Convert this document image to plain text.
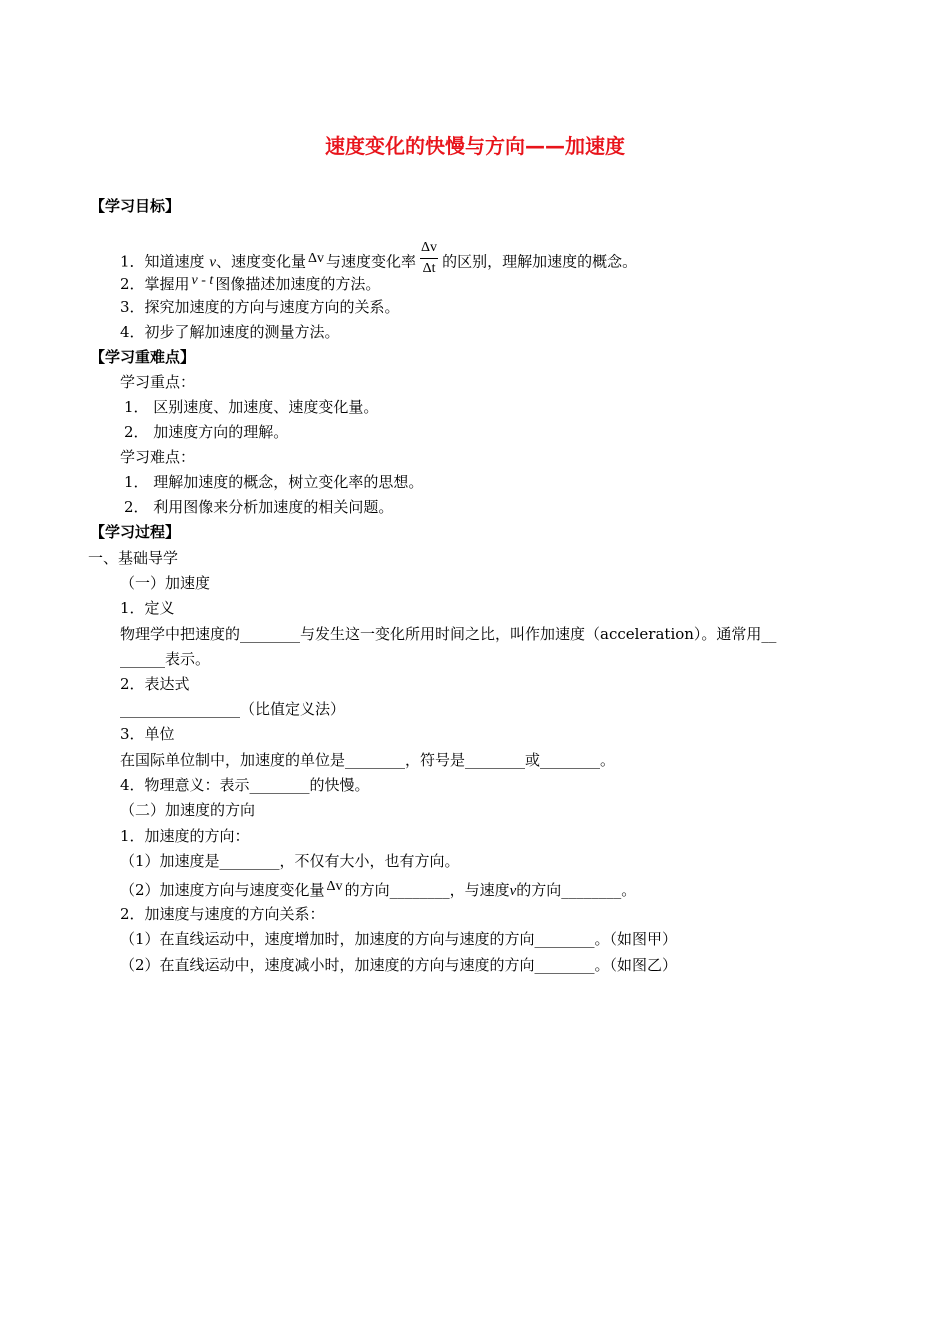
速度变化的快慢与方向——加速度
【学习目标】
1．知道速度 v、速度变化量 Δv 与速度变化率 $\frac{\Delta v}{\Delta t}$ 的区别，理解加速度的概念。
2．掌握用 v - t 图像描述加速度的方法。
3．探究加速度的方向与速度方向的关系。
4．初步了解加速度的测量方法。
【学习重难点】
学习重点：
1． 区别速度、加速度、速度变化量。
2． 加速度方向的理解。
学习难点：
1． 理解加速度的概念，树立变化率的思想。
2． 利用图像来分析加速度的相关问题。
【学习过程】
一、基础导学
（一）加速度
1．定义
物理学中把速度的________与发生这一变化所用时间之比，叫作加速度（acceleration）。通常用__
______表示。
2．表达式
________________（比值定义法）
3．单位
在国际单位制中，加速度的单位是________，符号是________或________。
4．物理意义：表示________的快慢。
（二）加速度的方向
1．加速度的方向：
（1）加速度是________，不仅有大小，也有方向。
（2）加速度方向与速度变化量 Δv 的方向________，与速度v的方向________。
2．加速度与速度的方向关系：
（1）在直线运动中，速度增加时，加速度的方向与速度的方向________。（如图甲）
（2）在直线运动中，速度减小时，加速度的方向与速度的方向________。（如图乙）
